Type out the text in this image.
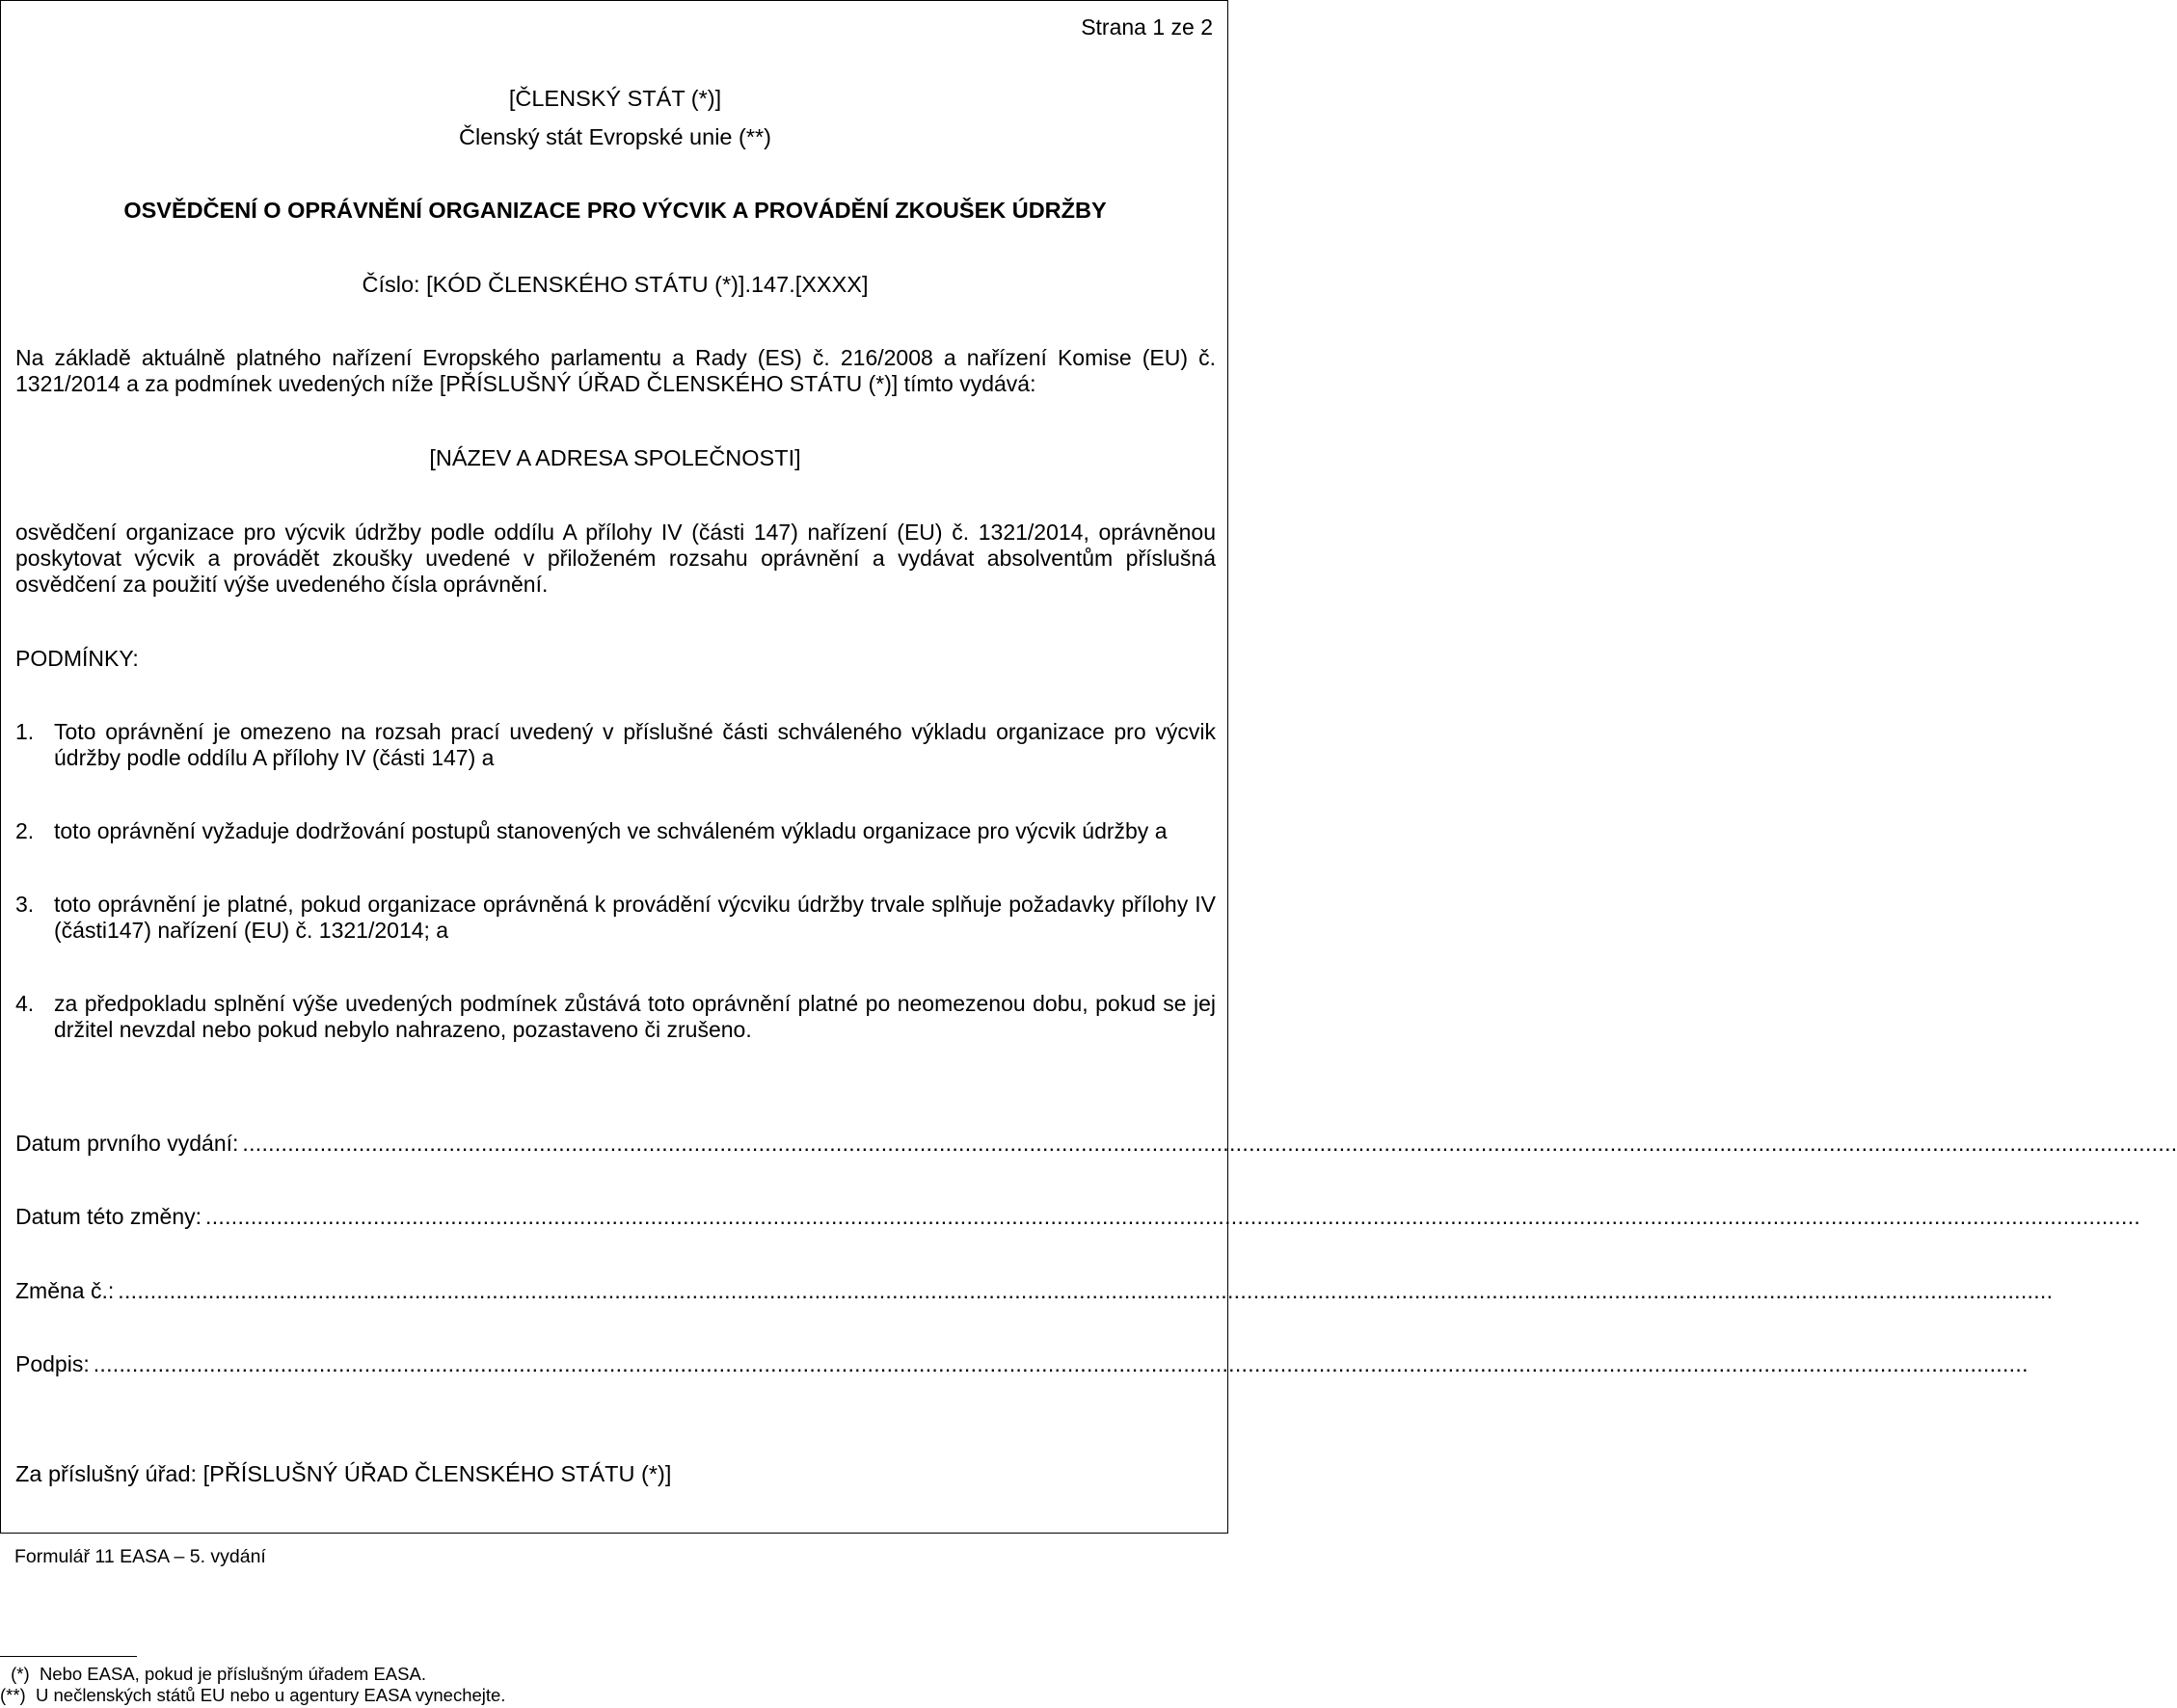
Strana 1 ze 2
[ČLENSKÝ STÁT (*)]
Členský stát Evropské unie (**)
OSVĚDČENÍ O OPRÁVNĚNÍ ORGANIZACE PRO VÝCVIK A PROVÁDĚNÍ ZKOUŠEK ÚDRŽBY
Číslo: [KÓD ČLENSKÉHO STÁTU (*)].147.[XXXX]
Na základě aktuálně platného nařízení Evropského parlamentu a Rady (ES) č. 216/2008 a nařízení Komise (EU) č. 1321/2014 a za podmínek uvedených níže [PŘÍSLUŠNÝ ÚŘAD ČLENSKÉHO STÁTU (*)] tímto vydává:
[NÁZEV A ADRESA SPOLEČNOSTI]
osvědčení organizace pro výcvik údržby podle oddílu A přílohy IV (části 147) nařízení (EU) č. 1321/2014, oprávněnou poskytovat výcvik a provádět zkoušky uvedené v přiloženém rozsahu oprávnění a vydávat absolventům příslušná osvědčení za použití výše uvedeného čísla oprávnění.
PODMÍNKY:
1. Toto oprávnění je omezeno na rozsah prací uvedený v příslušné části schváleného výkladu organizace pro výcvik údržby podle oddílu A přílohy IV (části 147) a
2. toto oprávnění vyžaduje dodržování postupů stanovených ve schváleném výkladu organizace pro výcvik údržby a
3. toto oprávnění je platné, pokud organizace oprávněná k provádění výcviku údržby trvale splňuje požadavky přílohy IV (části147) nařízení (EU) č. 1321/2014; a
4. za předpokladu splnění výše uvedených podmínek zůstává toto oprávnění platné po neomezenou dobu, pokud se jej držitel nevzdal nebo pokud nebylo nahrazeno, pozastaveno či zrušeno.
Datum prvního vydání: ............................................................................................................................................................................................................................................................................................................
Datum této změny: ............................................................................................................................................................................................................................................................................................................
Změna č.: ............................................................................................................................................................................................................................................................................................................
Podpis: ............................................................................................................................................................................................................................................................................................................
Za příslušný úřad: [PŘÍSLUŠNÝ ÚŘAD ČLENSKÉHO STÁTU (*)]
Formulář 11 EASA – 5. vydání
(*)  Nebo EASA, pokud je příslušným úřadem EASA.
(**)  U nečlenských států EU nebo u agentury EASA vynechejte.
